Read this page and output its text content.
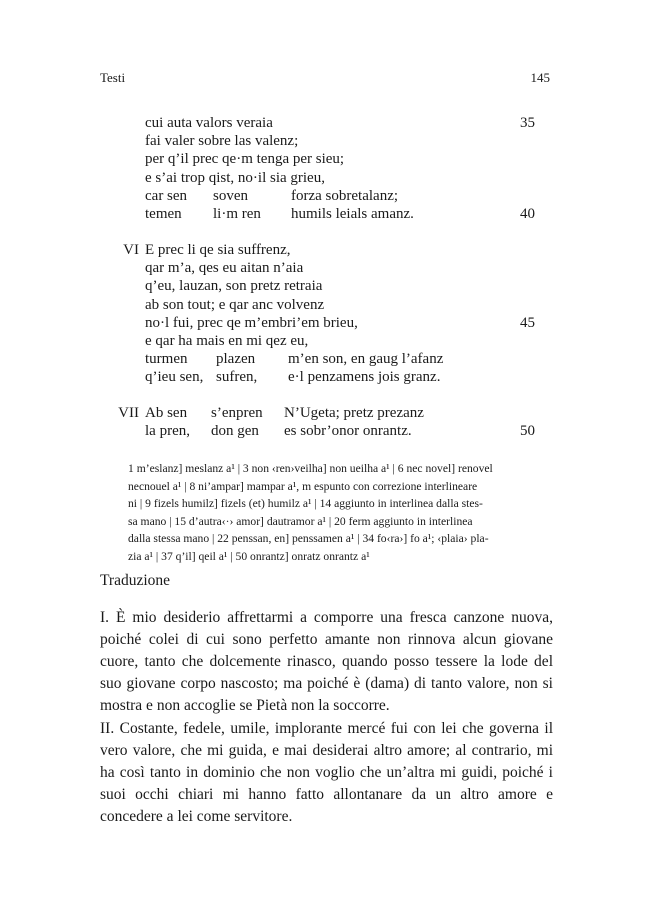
Testi	145
cui auta valors veraia	35
fai valer sobre las valenz;
per q’il prec qe·m tenga per sieu;
e s’ai trop qist, no·il sia grieu,
car sen soven	forza sobretalanz;
temen li·m ren humils leials amanz.	40
VI E prec li qe sia suffrenz,
qar m’a, qes eu aitan n’aia
q’eu, lauzan, son pretz retraia
ab son tout; e qar anc volvenz
no·l fui, prec qe m’embri’em brieu,	45
e qar ha mais en mi qez eu,
turmen plazen m’en son, en gaug l’afanz
q’ieu sen, sufren, e·l penzamens jois granz.
VII Ab sen s’enpren N’Ugeta; pretz prezanz
la pren, don gen es sobr’onor onrantz.	50

1 m’eslanz] meslanz a¹ | 3 non ‹ren›veilha] non ueilha a¹ | 6 nec novel] renovel

necnouel a¹ | 8 ni’ampar] mampar a¹, m espunto con correzione interlineare

ni | 9 fizels humilz] fizels (et) humilz a¹ | 14 aggiunto in interlinea dalla stes-

sa mano | 15 d’autra‹·› amor] dautramor a¹ | 20 ferm aggiunto in interlinea

dalla stessa mano | 22 penssan, en] penssamen a¹ | 34 fo‹ra›] fo a¹; ‹plaia› pla-

zia a¹ | 37 q’il] qeil a¹ | 50 onrantz] onratz onrantz a¹

Traduzione

I. È mio desiderio affrettarmi a comporre una fresca canzone nuova, poiché colei di cui sono perfetto amante non rinnova alcun giovane cuore, tanto che dolcemente rinasco, quando posso tessere la lode del suo giovane corpo nascosto; ma poiché è (dama) di tanto valore, non si mostra e non accoglie se Pietà non la soccorre.

II. Costante, fedele, umile, implorante mercé fui con lei che governa il vero valore, che mi guida, e mai desiderai altro amore; al contrario, mi ha così tanto in dominio che non voglio che un’altra mi guidi, poiché i suoi occhi chiari mi hanno fatto allontanare da un altro amore e concedere a lei come servitore.
